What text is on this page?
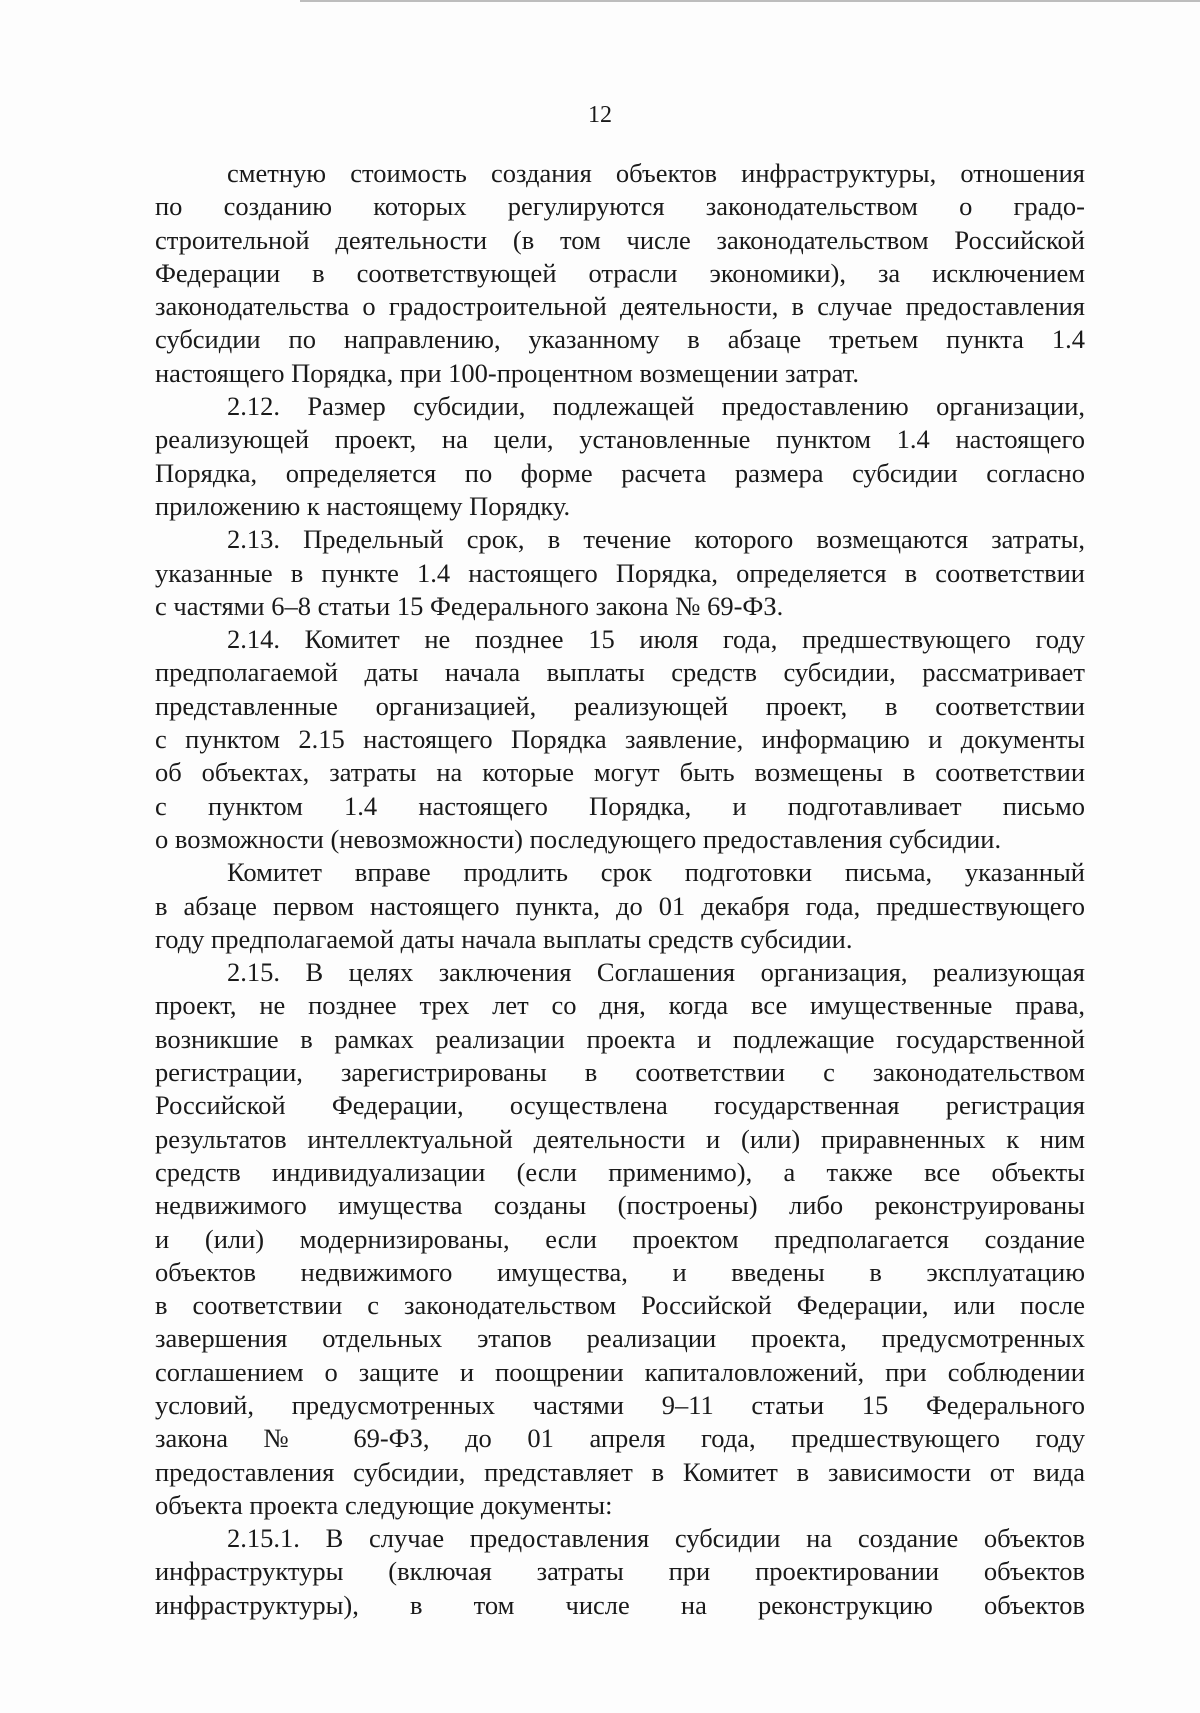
12
сметную стоимость создания объектов инфраструктуры, отношения
по созданию которых регулируются законодательством о градо-
строительной деятельности (в том числе законодательством Российской
Федерации в соответствующей отрасли экономики), за исключением
законодательства о градостроительной деятельности, в случае предоставления
субсидии по направлению, указанному в абзаце третьем пункта 1.4
настоящего Порядка, при 100-процентном возмещении затрат.
2.12. Размер субсидии, подлежащей предоставлению организации,
реализующей проект, на цели, установленные пунктом 1.4 настоящего
Порядка, определяется по форме расчета размера субсидии согласно
приложению к настоящему Порядку.
2.13. Предельный срок, в течение которого возмещаются затраты,
указанные в пункте 1.4 настоящего Порядка, определяется в соответствии
с частями 6–8 статьи 15 Федерального закона № 69-ФЗ.
2.14. Комитет не позднее 15 июля года, предшествующего году
предполагаемой даты начала выплаты средств субсидии, рассматривает
представленные организацией, реализующей проект, в соответствии
с пунктом 2.15 настоящего Порядка заявление, информацию и документы
об объектах, затраты на которые могут быть возмещены в соответствии
с пунктом 1.4 настоящего Порядка, и подготавливает письмо
о возможности (невозможности) последующего предоставления субсидии.
Комитет вправе продлить срок подготовки письма, указанный
в абзаце первом настоящего пункта, до 01 декабря года, предшествующего
году предполагаемой даты начала выплаты средств субсидии.
2.15. В целях заключения Соглашения организация, реализующая
проект, не позднее трех лет со дня, когда все имущественные права,
возникшие в рамках реализации проекта и подлежащие государственной
регистрации, зарегистрированы в соответствии с законодательством
Российской Федерации, осуществлена государственная регистрация
результатов интеллектуальной деятельности и (или) приравненных к ним
средств индивидуализации (если применимо), а также все объекты
недвижимого имущества созданы (построены) либо реконструированы
и (или) модернизированы, если проектом предполагается создание
объектов недвижимого имущества, и введены в эксплуатацию
в соответствии с законодательством Российской Федерации, или после
завершения отдельных этапов реализации проекта, предусмотренных
соглашением о защите и поощрении капиталовложений, при соблюдении
условий, предусмотренных частями 9–11 статьи 15 Федерального
закона № 69-ФЗ, до 01 апреля года, предшествующего году
предоставления субсидии, представляет в Комитет в зависимости от вида
объекта проекта следующие документы:
2.15.1. В случае предоставления субсидии на создание объектов
инфраструктуры (включая затраты при проектировании объектов
инфраструктуры), в том числе на реконструкцию объектов
